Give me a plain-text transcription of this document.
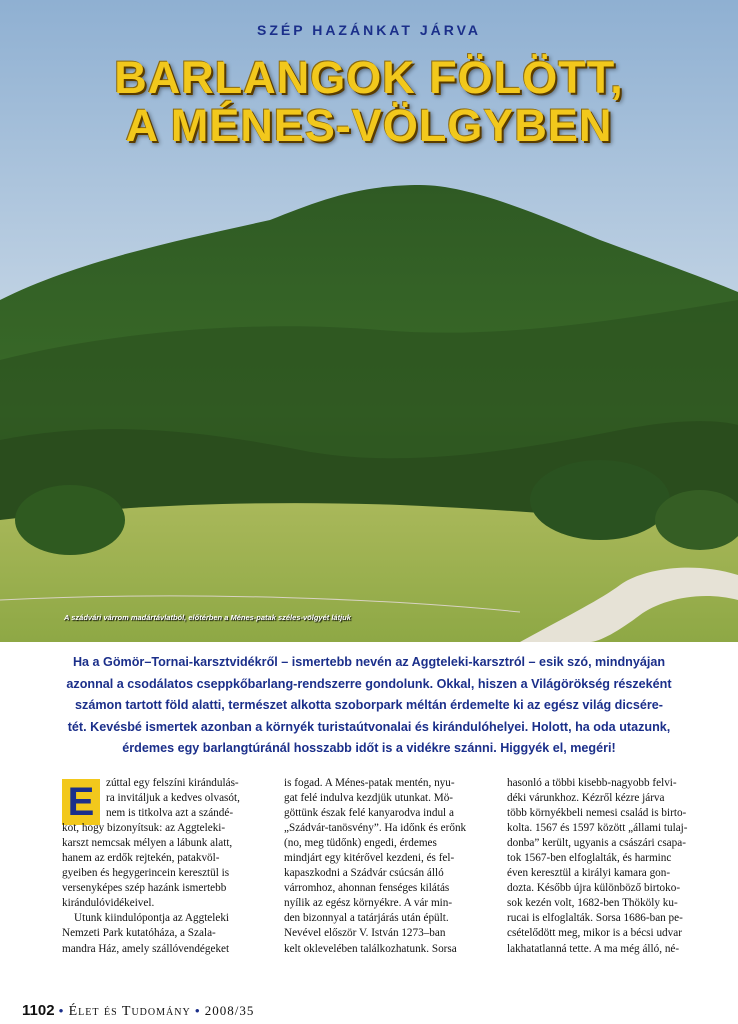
SZÉP HAZÁNKAT JÁRVA
BARLANGOK FÖLÖTT,
A MÉNES-VÖLGYBEN
A szádvári várrom madártávlatból, előtérben a Ménes-patak széles-völgyét látjuk
Ha a Gömör–Tornai-karsztvidékről – ismertebb nevén az Aggteleki-karsztról – esik szó, mindnyájan
azonnal a csodálatos cseppkőbarlang-rendszerre gondolunk. Okkal, hiszen a Világörökség részeként
számon tartott föld alatti, természet alkotta szoborpark méltán érdemelte ki az egész világ dicsére-
tét. Kevésbé ismertek azonban a környék turistaútvonalai és kirándulóhelyei. Holott, ha oda utazunk,
érdemes egy barlangtúránál hosszabb időt is a vidékre szánni. Higgyék el, megéri!
E	zúttal egy felszíni kirándulás-
ra invitáljuk a kedves olvasót,
nem is titkolva azt a szándé-
kot, hogy bizonyítsuk: az Aggteleki-
karszt nemcsak mélyen a lábunk alatt,
hanem az erdők rejtekén, patakvöl-
gyeiben és hegygerincein keresztül is
versenyképes szép hazánk ismertebb
kirándulóvidékeivel.
Utunk kiindulópontja az Aggteleki
Nemzeti Park kutatóháza, a Szala-
mandra Ház, amely szállóvendégeket
is fogad. A Ménes-patak mentén, nyu-
gat felé indulva kezdjük utunkat. Mö-
göttünk észak felé kanyarodva indul a
„Szádvár-tanösvény”. Ha időnk és erőnk
(no, meg tüdőnk) engedi, érdemes
mindjárt egy kitérővel kezdeni, és fel-
kapaszkodni a Szádvár csúcsán álló
várromhoz, ahonnan fenséges kilátás
nyílik az egész környékre. A vár min-
den bizonnyal a tatárjárás után épült.
Nevével először V. István 1273–ban
kelt oklevelében találkozhatunk. Sorsa
hasonló a többi kisebb-nagyobb felvi-
déki várunkhoz. Kézről kézre járva
több környékbeli nemesi család is birto-
kolta. 1567 és 1597 között „állami tulaj-
donba” került, ugyanis a császári csapa-
tok 1567-ben elfoglalták, és harminc
éven keresztül a királyi kamara gon-
dozta. Később újra különböző birtoko-
sok kezén volt, 1682-ben Thököly ku-
rucai is elfoglalták. Sorsa 1686-ban pe-
csételődött meg, mikor is a bécsi udvar
lakhatatlanná tette. A ma még álló, né-
1102 • Élet és Tudomány • 2008/35
